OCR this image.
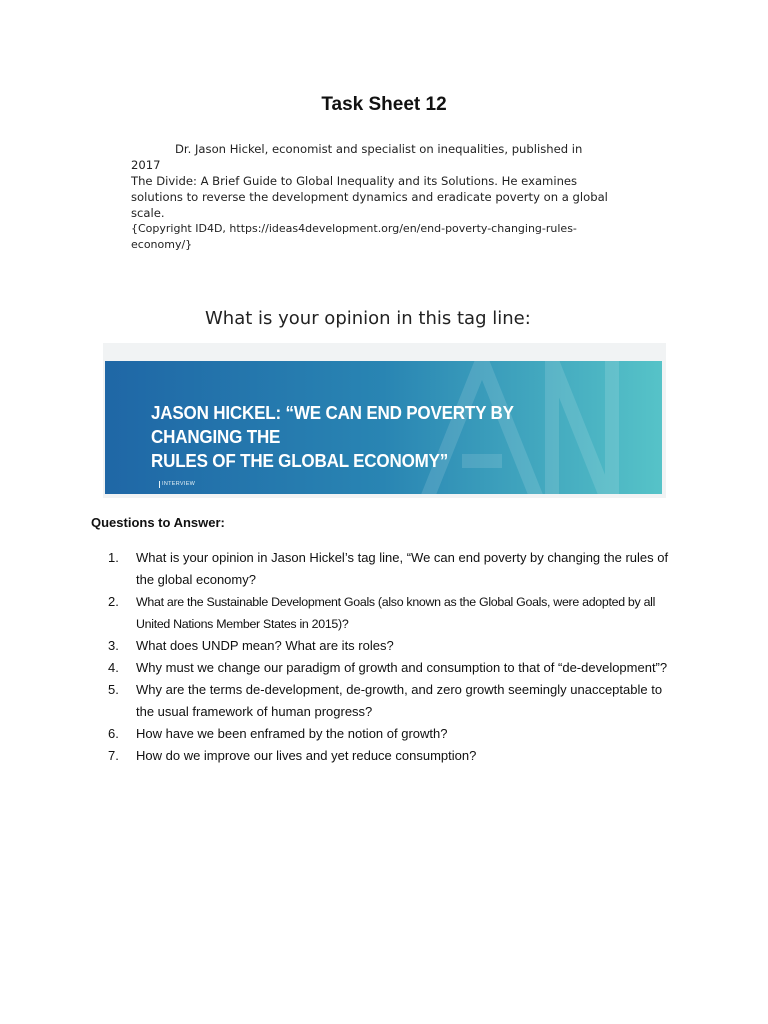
Task Sheet 12
Dr. Jason Hickel, economist and specialist on inequalities, published in 2017
The Divide: A Brief Guide to Global Inequality and its Solutions. He examines
solutions to reverse the development dynamics and eradicate poverty on a global
scale.
{Copyright ID4D, https://ideas4development.org/en/end-poverty-changing-rules-economy/}
What is your opinion in this tag line:
JASON HICKEL: “WE CAN END POVERTY BY CHANGING THE
RULES OF THE GLOBAL ECONOMY”
INTERVIEW
Questions to Answer:
1.	What is your opinion in Jason Hickel’s tag line, “We can end poverty by changing the rules of the global economy?
2.	What are the Sustainable Development Goals (also known as the Global Goals, were adopted by all United Nations Member States in 2015)?
3.	What does UNDP mean? What are its roles?
4.	Why must we change our paradigm of growth and consumption to that of “de-development”?
5.	Why are the terms de-development, de-growth, and zero growth seemingly unacceptable to the usual framework of human progress?
6.	How have we been enframed by the notion of growth?
7.	How do we improve our lives and yet reduce consumption?
